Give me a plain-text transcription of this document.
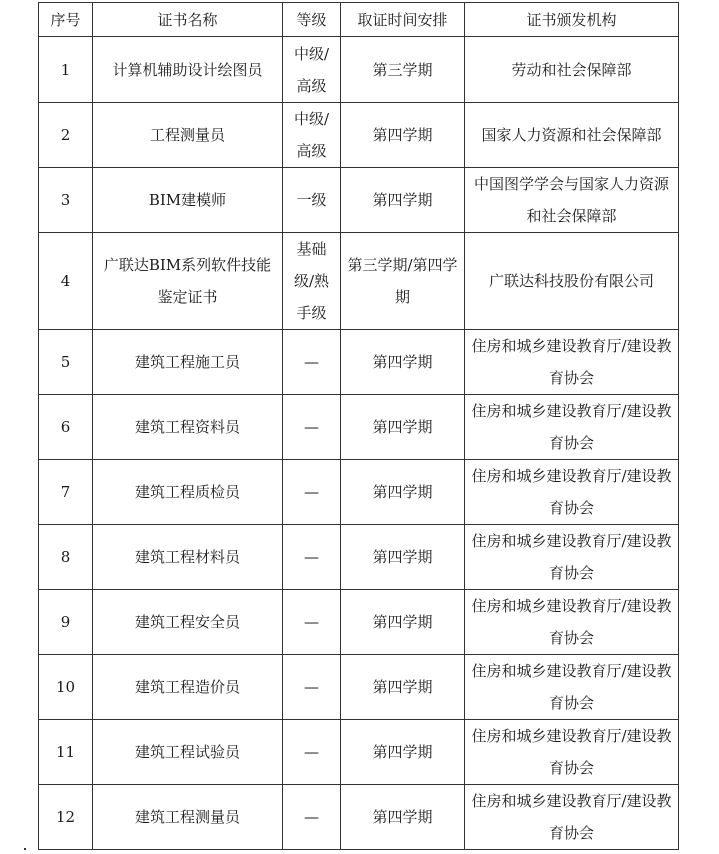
序号	证书名称	等级	取证时间安排	证书颁发机构
1	计算机辅助设计绘图员	中级/高级	第三学期	劳动和社会保障部
2	工程测量员	中级/高级	第四学期	国家人力资源和社会保障部
3	BIM建模师	一级	第四学期	中国图学学会与国家人力资源和社会保障部
4	广联达BIM系列软件技能鉴定证书	基础级/熟手级	第三学期/第四学期	广联达科技股份有限公司
5	建筑工程施工员	—	第四学期	住房和城乡建设教育厅/建设教育协会
6	建筑工程资料员	—	第四学期	住房和城乡建设教育厅/建设教育协会
7	建筑工程质检员	—	第四学期	住房和城乡建设教育厅/建设教育协会
8	建筑工程材料员	—	第四学期	住房和城乡建设教育厅/建设教育协会
9	建筑工程安全员	—	第四学期	住房和城乡建设教育厅/建设教育协会
10	建筑工程造价员	—	第四学期	住房和城乡建设教育厅/建设教育协会
11	建筑工程试验员	—	第四学期	住房和城乡建设教育厅/建设教育协会
12	建筑工程测量员	—	第四学期	住房和城乡建设教育厅/建设教育协会
